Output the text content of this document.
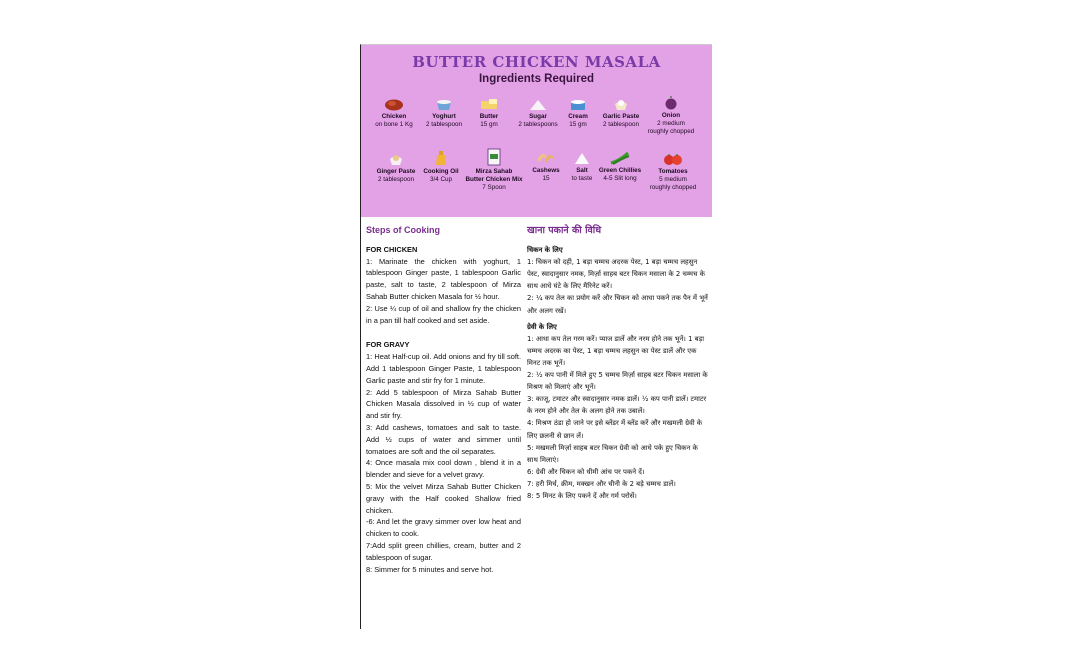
BUTTER CHICKEN MASALA
Ingredients Required
Chicken
on bone 1 Kg
Yoghurt
2 tablespoon
Butter
15 gm
Sugar
2 tablespoons
Cream
15 gm
Garlic Paste
2 tablespoon
Onion
2 medium
roughly chopped
Ginger Paste
2 tablespoon
Cooking Oil
3/4 Cup
Mirza Sahab
Butter Chicken Mix
7 Spoon
Cashews
15
Salt
to taste
Green Chillies
4-5 Slit long
Tomatoes
5 medium
roughly chopped
Steps of Cooking
FOR CHICKEN

1: Marinate the chicken with yoghurt, 1 tablespoon Ginger paste, 1 tablespoon Garlic paste, salt to taste, 2 tablespoon of Mirza Sahab Butter chicken Masala for ½ hour.

2: Use ¼ cup of oil and shallow fry the chicken in a pan till half cooked and set aside.

FOR GRAVY

1: Heat Half-cup oil. Add onions and fry till soft. Add 1 tablespoon Ginger Paste, 1 tablespoon Garlic paste and stir fry for 1 minute.

2: Add 5 tablespoon of Mirza Sahab Butter Chicken Masala dissolved in ½ cup of water and stir fry.

3: Add cashews, tomatoes and salt to taste. Add ½ cups of water and simmer until tomatoes are soft and the oil separates.

4: Once masala mix cool down , blend it in a blender and sieve for a velvet gravy.

5: Mix the velvet Mirza Sahab Butter Chicken gravy with the Half cooked Shallow fried chicken.

-6: And let the gravy simmer over low heat and chicken to cook.

7:Add split green chillies, cream, butter and 2 tablespoon of sugar.

8: Simmer for 5 minutes and serve hot.

खाना पकाने की विधि
चिकन के लिए

1: चिकन को दही, 1 बड़ा चम्मच अदरक पेस्ट, 1 बड़ा चम्मच लहसुन पेस्ट, स्वादानुसार नमक, मिर्ज़ा साहब बटर चिकन मसाला के 2 चम्मच के साथ आधे घंटे के लिए मैरिनेट करें।

2: ¼ कप तेल का प्रयोग करें और चिकन को आधा पकने तक पैन में भूनें और अलग रखें।

ग्रेवी के लिए

1: आधा कप तेल गरम करें। प्याज डालें और नरम होने तक भूनें। 1 बड़ा चम्मच अदरक का पेस्ट, 1 बड़ा चम्मच लहसुन का पेस्ट डालें और एक मिनट तक भूनें।

2: ½ कप पानी में मिले हुए 5 चम्मच मिर्ज़ा साहब बटर चिकन मसाला के मिश्रण को मिलाएं और भूनें।

3: काजू, टमाटर और स्वादानुसार नमक डालें। ½ कप पानी डालें। टमाटर के नरम होने और तेल के अलग होने तक उबालें।

4: मिश्रण ठंडा हो जाने पर इसे ब्लेंडर में ब्लेंड करें और मखमली ग्रेवी के लिए छलनी से छान लें।

5: मखमली मिर्ज़ा साहब बटर चिकन ग्रेवी को आधे पके हुए चिकन के साथ मिलाएं।

6: ग्रेवी और चिकन को धीमी आंच पर पकने दें।

7: हरी मिर्च, क्रीम, मक्खन और चीनी के 2 बड़े चम्मच डालें।

8: 5 मिनट के लिए पकने दें और गर्म परोसें।
